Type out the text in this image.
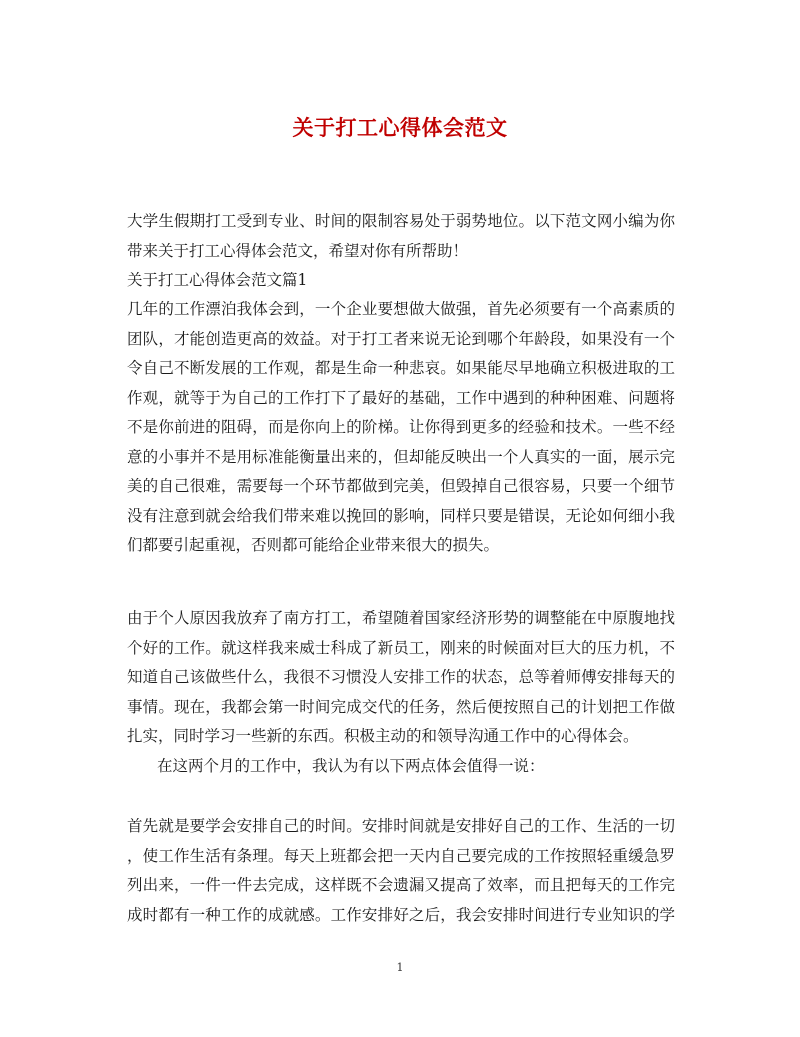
关于打工心得体会范文
大学生假期打工受到专业、时间的限制容易处于弱势地位。以下范文网小编为你
带来关于打工心得体会范文，希望对你有所帮助！
关于打工心得体会范文篇1
几年的工作漂泊我体会到，一个企业要想做大做强，首先必须要有一个高素质的
团队，才能创造更高的效益。对于打工者来说无论到哪个年龄段，如果没有一个
令自己不断发展的工作观，都是生命一种悲哀。如果能尽早地确立积极进取的工
作观，就等于为自己的工作打下了最好的基础，工作中遇到的种种困难、问题将
不是你前进的阻碍，而是你向上的阶梯。让你得到更多的经验和技术。一些不经
意的小事并不是用标准能衡量出来的，但却能反映出一个人真实的一面，展示完
美的自己很难，需要每一个环节都做到完美，但毁掉自己很容易，只要一个细节
没有注意到就会给我们带来难以挽回的影响，同样只要是错误，无论如何细小我
们都要引起重视，否则都可能给企业带来很大的损失。
由于个人原因我放弃了南方打工，希望随着国家经济形势的调整能在中原腹地找
个好的工作。就这样我来威士科成了新员工，刚来的时候面对巨大的压力机，不
知道自己该做些什么，我很不习惯没人安排工作的状态，总等着师傅安排每天的
事情。现在，我都会第一时间完成交代的任务，然后便按照自己的计划把工作做
扎实，同时学习一些新的东西。积极主动的和领导沟通工作中的心得体会。
在这两个月的工作中，我认为有以下两点体会值得一说：
首先就是要学会安排自己的时间。安排时间就是安排好自己的工作、生活的一切
，使工作生活有条理。每天上班都会把一天内自己要完成的工作按照轻重缓急罗
列出来，一件一件去完成，这样既不会遗漏又提高了效率，而且把每天的工作完
成时都有一种工作的成就感。工作安排好之后，我会安排时间进行专业知识的学
1
